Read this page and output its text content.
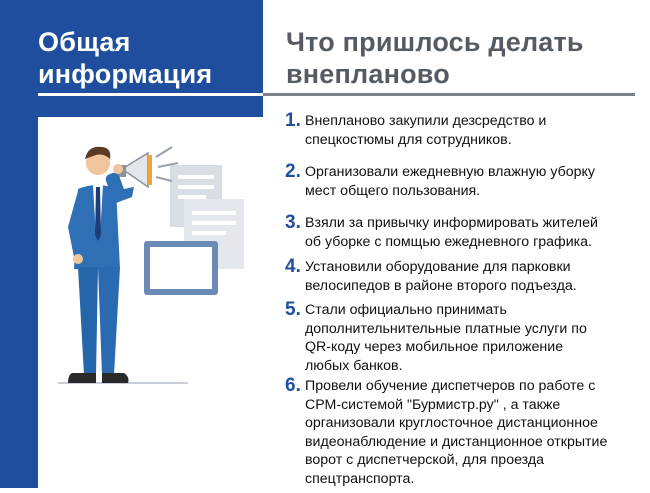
Общая
информация
Что пришлось делать
внепланово
1. Внепланово закупили дезсредство и
спецкостюмы для сотрудников.
2. Организовали ежедневную влажную уборку
мест общего пользования.
3. Взяли за привычку информировать жителей
об уборке с помщью ежедневного графика.
4. Установили оборудование для парковки
велосипедов в районе второго подъезда.
5. Стали официально принимать
дополнительнительные платные услуги по
QR-коду через мобильное приложение
любых банков.
6. Провели обучение диспетчеров по работе с
СРМ-системой "Бурмистр.ру" , а также
организовали круглосточное дистанционное
видеонаблюдение и дистанционное открытие
ворот с диспетчерской, для проезда
спецтранспорта.
